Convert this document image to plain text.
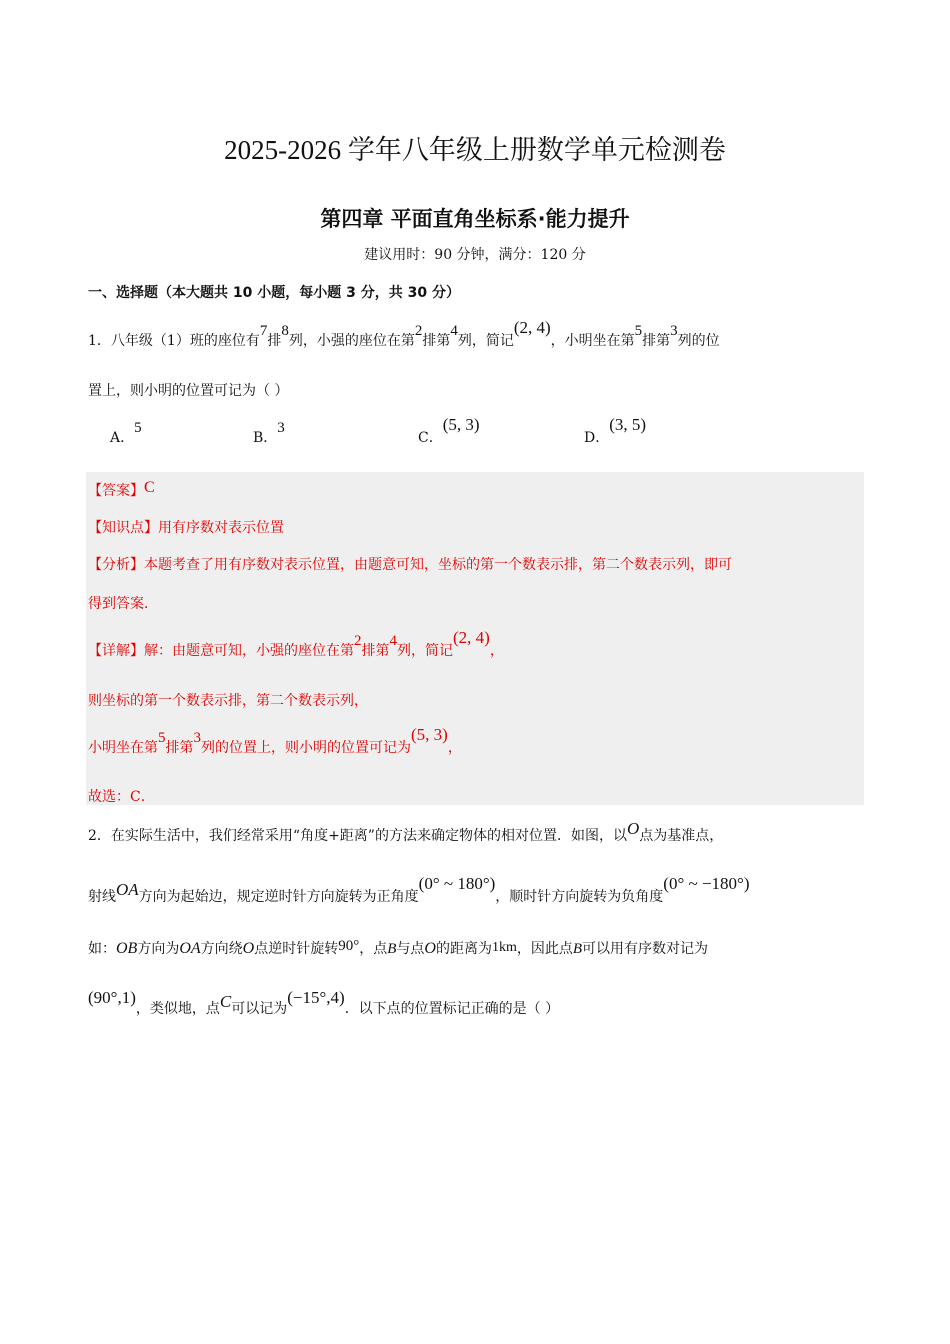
2025-2026 学年八年级上册数学单元检测卷
第四章 平面直角坐标系·能力提升
建议用时：90 分钟，满分：120 分
一、选择题（本大题共 10 小题，每小题 3 分，共 30 分）
1．八年级（1）班的座位有7排8列，小强的座位在第2排第4列，简记(2, 4)，小明坐在第5排第3列的位
置上，则小明的位置可记为（ ）
A．5
B．3
C．(5, 3)
D．(3, 5)
【答案】C
【知识点】用有序数对表示位置
【分析】本题考查了用有序数对表示位置，由题意可知，坐标的第一个数表示排，第二个数表示列，即可
得到答案．
【详解】解：由题意可知，小强的座位在第2排第4列，简记(2, 4)，
则坐标的第一个数表示排，第二个数表示列，
小明坐在第5排第3列的位置上，则小明的位置可记为(5, 3)，
故选：C．
2．在实际生活中，我们经常采用“角度+距离”的方法来确定物体的相对位置．如图，以O点为基准点，
射线OA方向为起始边，规定逆时针方向旋转为正角度(0° ~ 180°)，顺时针方向旋转为负角度(0° ~ −180°)
如：OB方向为OA方向绕O点逆时针旋转90°，点B与点O的距离为1km，因此点B可以用有序数对记为
(90°,1)，类似地，点C可以记为(−15°,4)．以下点的位置标记正确的是（ ）
